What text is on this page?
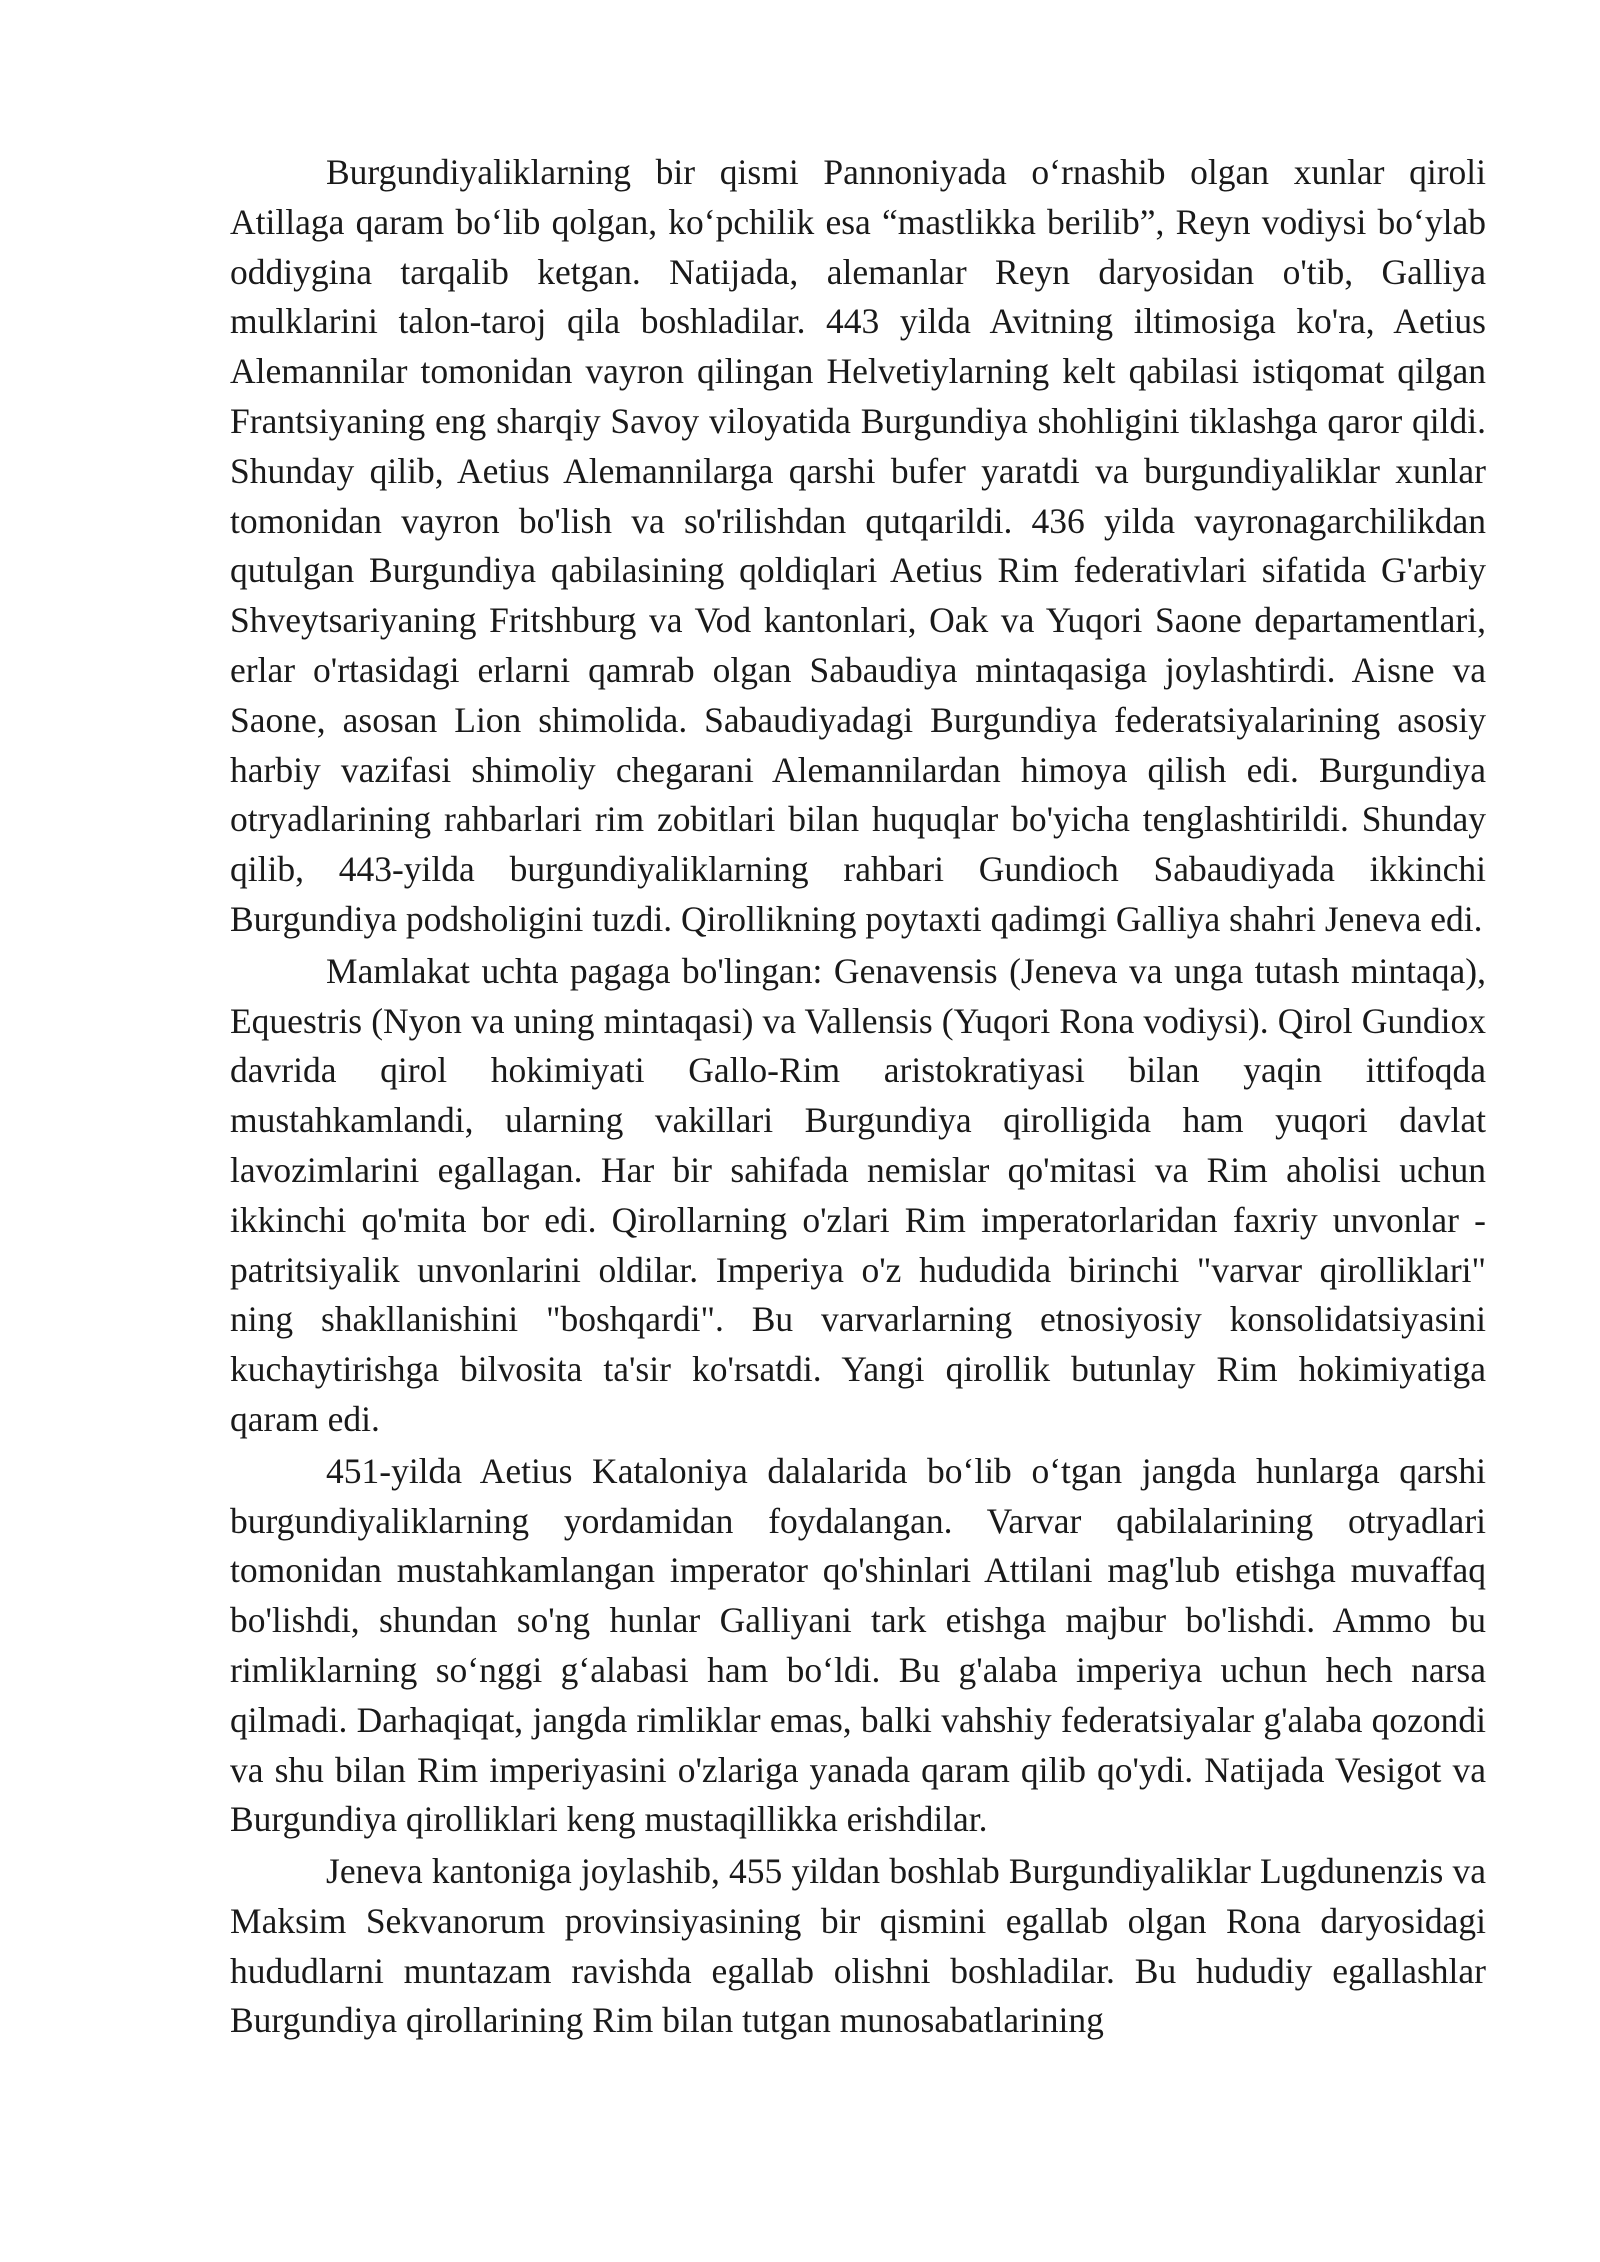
Burgundiyaliklarning bir qismi Pannoniyada o‘rnashib olgan xunlar qiroli Atillaga qaram bo‘lib qolgan, ko‘pchilik esa “mastlikka berilib”, Reyn vodiysi bo‘ylab oddiygina tarqalib ketgan. Natijada, alemanlar Reyn daryosidan o'tib, Galliya mulklarini talon-taroj qila boshladilar. 443 yilda Avitning iltimosiga ko'ra, Aetius Alemannilar tomonidan vayron qilingan Helvetiylarning kelt qabilasi istiqomat qilgan Frantsiyaning eng sharqiy Savoy viloyatida Burgundiya shohligini tiklashga qaror qildi. Shunday qilib, Aetius Alemannilarga qarshi bufer yaratdi va burgundiyaliklar xunlar tomonidan vayron bo'lish va so'rilishdan qutqarildi. 436 yilda vayronagarchilikdan qutulgan Burgundiya qabilasining qoldiqlari Aetius Rim federativlari sifatida G'arbiy Shveytsariyaning Fritshburg va Vod kantonlari, Oak va Yuqori Saone departamentlari, erlar o'rtasidagi erlarni qamrab olgan Sabaudiya mintaqasiga joylashtirdi. Aisne va Saone, asosan Lion shimolida. Sabaudiyadagi Burgundiya federatsiyalarining asosiy harbiy vazifasi shimoliy chegarani Alemannilardan himoya qilish edi. Burgundiya otryadlarining rahbarlari rim zobitlari bilan huquqlar bo'yicha tenglashtirildi. Shunday qilib, 443-yilda burgundiyaliklarning rahbari Gundioch Sabaudiyada ikkinchi Burgundiya podsholigini tuzdi. Qirollikning poytaxti qadimgi Galliya shahri Jeneva edi.

Mamlakat uchta pagaga bo'lingan: Genavensis (Jeneva va unga tutash mintaqa), Equestris (Nyon va uning mintaqasi) va Vallensis (Yuqori Rona vodiysi). Qirol Gundiox davrida qirol hokimiyati Gallo-Rim aristokratiyasi bilan yaqin ittifoqda mustahkamlandi, ularning vakillari Burgundiya qirolligida ham yuqori davlat lavozimlarini egallagan. Har bir sahifada nemislar qo'mitasi va Rim aholisi uchun ikkinchi qo'mita bor edi. Qirollarning o'zlari Rim imperatorlaridan faxriy unvonlar - patritsiyalik unvonlarini oldilar. Imperiya o'z hududida birinchi "varvar qirolliklari" ning shakllanishini "boshqardi". Bu varvarlarning etnosiyosiy konsolidatsiyasini kuchaytirishga bilvosita ta'sir ko'rsatdi. Yangi qirollik butunlay Rim hokimiyatiga qaram edi.

451-yilda Aetius Kataloniya dalalarida bo‘lib o‘tgan jangda hunlarga qarshi burgundiyaliklarning yordamidan foydalangan. Varvar qabilalarining otryadlari tomonidan mustahkamlangan imperator qo'shinlari Attilani mag'lub etishga muvaffaq bo'lishdi, shundan so'ng hunlar Galliyani tark etishga majbur bo'lishdi. Ammo bu rimliklarning so‘nggi g‘alabasi ham bo‘ldi. Bu g'alaba imperiya uchun hech narsa qilmadi. Darhaqiqat, jangda rimliklar emas, balki vahshiy federatsiyalar g'alaba qozondi va shu bilan Rim imperiyasini o'zlariga yanada qaram qilib qo'ydi. Natijada Vesigot va Burgundiya qirolliklari keng mustaqillikka erishdilar.

Jeneva kantoniga joylashib, 455 yildan boshlab Burgundiyaliklar Lugdunenzis va Maksim Sekvanorum provinsiyasining bir qismini egallab olgan Rona daryosidagi hududlarni muntazam ravishda egallab olishni boshladilar. Bu hududiy egallashlar Burgundiya qirollarining Rim bilan tutgan munosabatlarining
